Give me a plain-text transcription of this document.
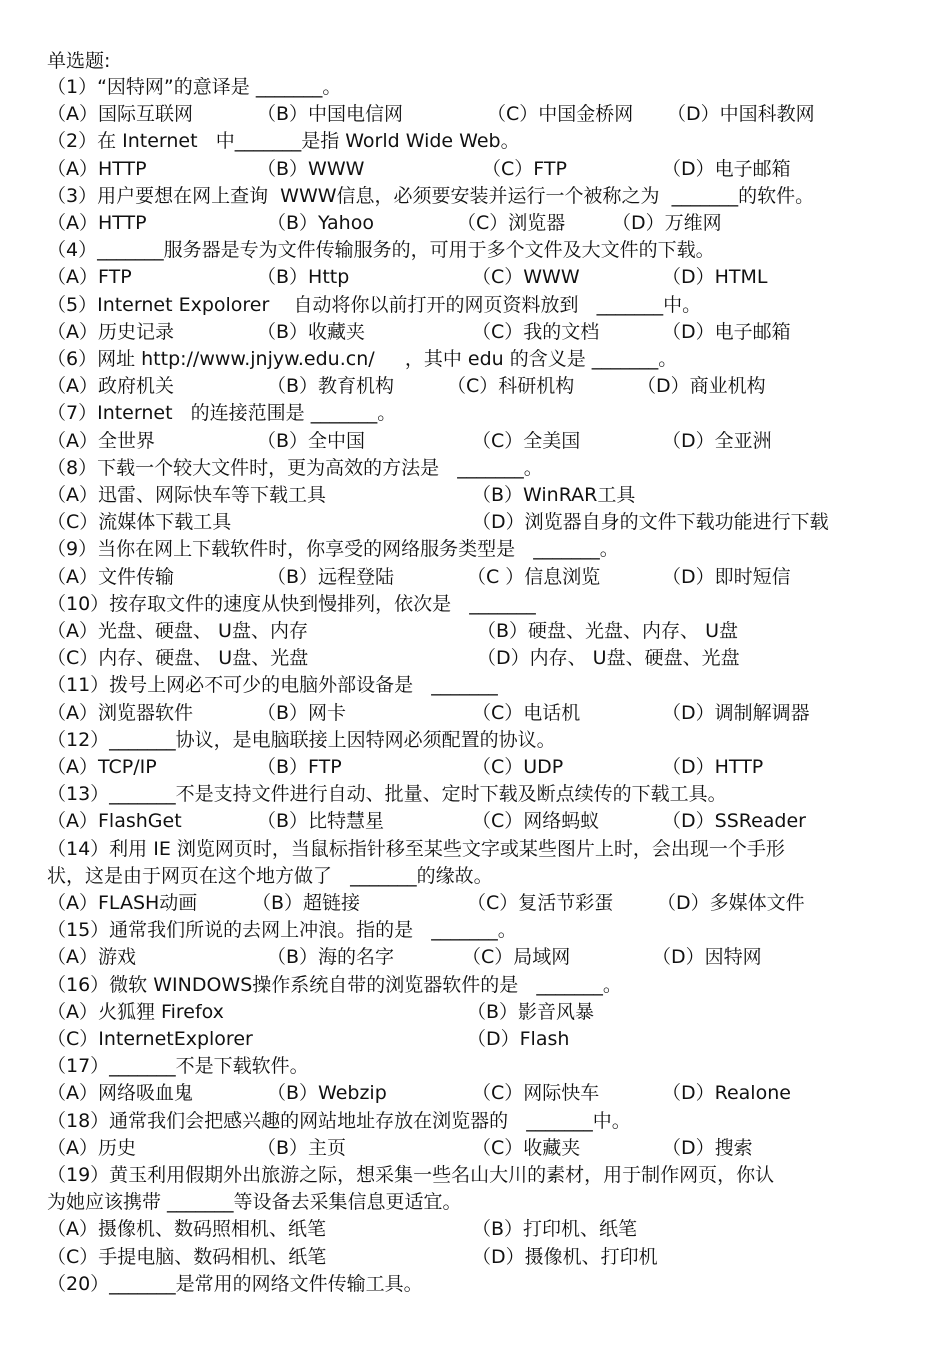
单选题:
（1）“因特网”的意译是 _______。
（A）国际互联网	（B）中国电信网	（C）中国金桥网 （D）中国科教网
（2）在 Internet   中_______是指 World Wide Web。
（A）HTTP	（B）WWW	（C）FTP	（D）电子邮箱
（3）用户要想在网上查询  WWW信息，必须要安装并运行一个被称之为  _______的软件。
（A）HTTP	（B）Yahoo	（C）浏览器 （D）万维网
（4）_______服务器是专为文件传输服务的，可用于多个文件及大文件的下载。
（A）FTP	（B）Http	（C）WWW	（D）HTML
（5）Internet Expolorer    自动将你以前打开的网页资料放到   _______中。
（A）历史记录	（B）收藏夹	（C）我的文档	（D）电子邮箱
（6）网址 http://www.jnjyw.edu.cn/     ，其中 edu 的含义是 _______。
（A）政府机关	（B）教育机构	（C）科研机构	（D）商业机构
（7）Internet   的连接范围是 _______。
（A）全世界	（B）全中国	（C）全美国	（D）全亚洲
（8）下载一个较大文件时，更为高效的方法是   _______。
（A）迅雷、网际快车等下载工具	（B）WinRAR工具
（C）流媒体下载工具	（D）浏览器自身的文件下载功能进行下载
（9）当你在网上下载软件时，你享受的网络服务类型是   _______。
（A）文件传输	（B）远程登陆	（C ）信息浏览	（D）即时短信
（10）按存取文件的速度从快到慢排列，依次是   _______
（A）光盘、硬盘、 U盘、内存	（B）硬盘、光盘、内存、 U盘
（C）内存、硬盘、 U盘、光盘	（D）内存、 U盘、硬盘、光盘
（11）拨号上网必不可少的电脑外部设备是   _______
（A）浏览器软件	（B）网卡	（C）电话机	（D）调制解调器
（12）_______协议，是电脑联接上因特网必须配置的协议。
（A）TCP/IP	（B）FTP	（C）UDP	（D）HTTP
（13）_______不是支持文件进行自动、批量、定时下载及断点续传的下载工具。
（A）FlashGet	（B）比特慧星	（C）网络蚂蚁	（D）SSReader
（14）利用 IE 浏览网页时，当鼠标指针移至某些文字或某些图片上时，会出现一个手形
状，这是由于网页在这个地方做了   _______的缘故。
（A）FLASH动画	（B）超链接	（C）复活节彩蛋 （D）多媒体文件
（15）通常我们所说的去网上冲浪。指的是   _______。
（A）游戏	（B）海的名字	（C）局域网	（D）因特网
（16）微软 WINDOWS操作系统自带的浏览器软件的是   _______。
（A）火狐狸 Firefox	（B）影音风暴
（C）InternetExplorer	（D）Flash
（17）_______不是下载软件。
（A）网络吸血鬼	（B）Webzip	（C）网际快车	（D）Realone
（18）通常我们会把感兴趣的网站地址存放在浏览器的   _______中。
（A）历史	（B）主页	（C）收藏夹	（D）搜索
（19）黄玉利用假期外出旅游之际，想采集一些名山大川的素材，用于制作网页，你认
为她应该携带 _______等设备去采集信息更适宜。
（A）摄像机、数码照相机、纸笔	（B）打印机、纸笔
（C）手提电脑、数码相机、纸笔	（D）摄像机、打印机
（20）_______是常用的网络文件传输工具。
